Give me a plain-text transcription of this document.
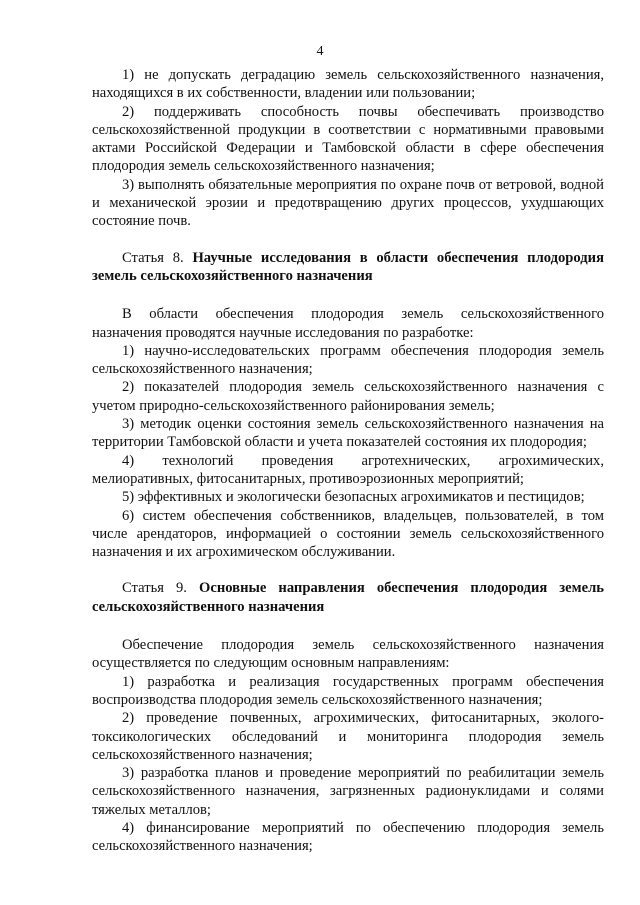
4

1) не допускать деградацию земель сельскохозяйственного назначения, находящихся в их собственности, владении или пользовании;

2) поддерживать способность почвы обеспечивать производство сельскохозяйственной продукции в соответствии с нормативными правовыми актами Российской Федерации и Тамбовской области в сфере обеспечения плодородия земель сельскохозяйственного назначения;

3) выполнять обязательные мероприятия по охране почв от ветровой, водной и механической эрозии и предотвращению других процессов, ухудшающих состояние почв.

Статья 8. Научные исследования в области обеспечения плодородия земель сельскохозяйственного назначения

В области обеспечения плодородия земель сельскохозяйственного назначения проводятся научные исследования по разработке:

1) научно-исследовательских программ обеспечения плодородия земель сельскохозяйственного назначения;

2) показателей плодородия земель сельскохозяйственного назначения с учетом природно-сельскохозяйственного районирования земель;

3) методик оценки состояния земель сельскохозяйственного назначения на территории Тамбовской области и учета показателей состояния их плодородия;

4) технологий проведения агротехнических, агрохимических, мелиоративных, фитосанитарных, противоэрозионных мероприятий;

5) эффективных и экологически безопасных агрохимикатов и пестицидов;

6) систем обеспечения собственников, владельцев, пользователей, в том числе арендаторов, информацией о состоянии земель сельскохозяйственного назначения и их агрохимическом обслуживании.

Статья 9. Основные направления обеспечения плодородия земель сельскохозяйственного назначения

Обеспечение плодородия земель сельскохозяйственного назначения осуществляется по следующим основным направлениям:

1) разработка и реализация государственных программ обеспечения воспроизводства плодородия земель сельскохозяйственного назначения;

2) проведение почвенных, агрохимических, фитосанитарных, эколого-токсикологических обследований и мониторинга плодородия земель сельскохозяйственного назначения;

3) разработка планов и проведение мероприятий по реабилитации земель сельскохозяйственного назначения, загрязненных радионуклидами и солями тяжелых металлов;

4) финансирование мероприятий по обеспечению плодородия земель сельскохозяйственного назначения;
